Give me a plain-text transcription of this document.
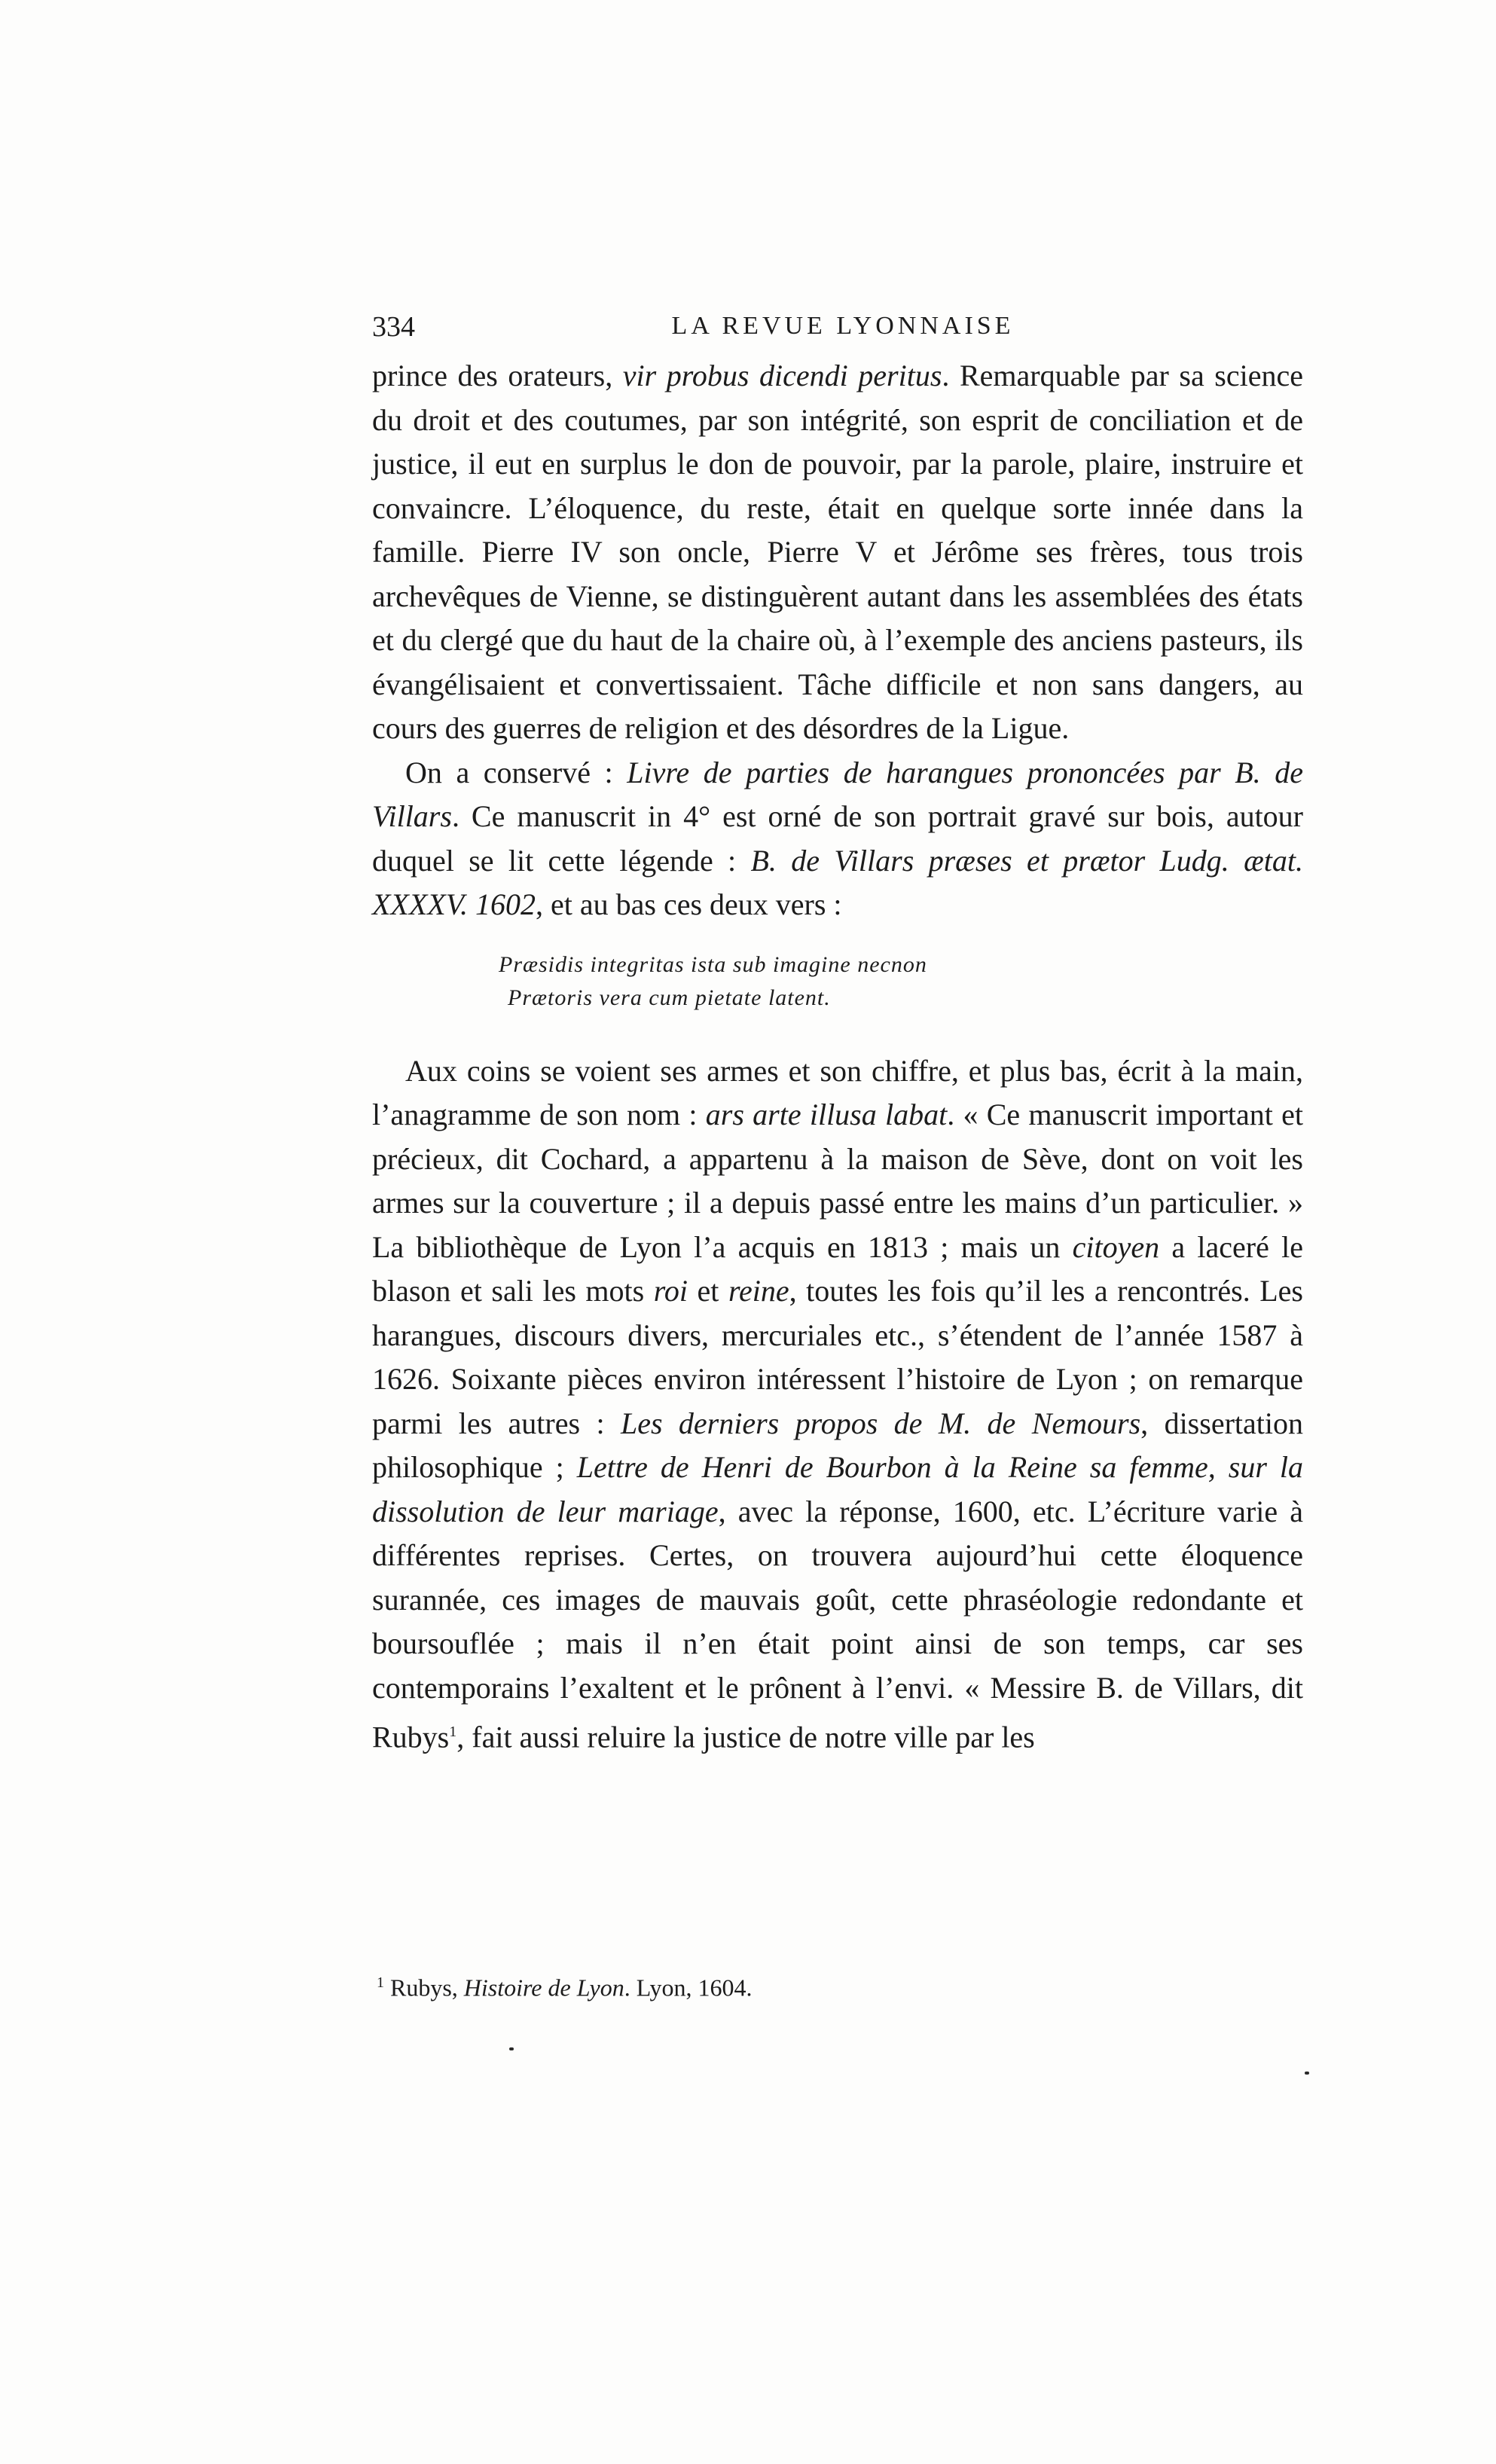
334	LA REVUE LYONNAISE

prince des orateurs, vir probus dicendi peritus. Remarquable par sa science du droit et des coutumes, par son intégrité, son esprit de conciliation et de justice, il eut en surplus le don de pouvoir, par la parole, plaire, instruire et convaincre. L’éloquence, du reste, était en quelque sorte innée dans la famille. Pierre IV son oncle, Pierre V et Jérôme ses frères, tous trois archevêques de Vienne, se distinguèrent autant dans les assemblées des états et du clergé que du haut de la chaire où, à l’exemple des anciens pasteurs, ils évangélisaient et convertissaient. Tâche difficile et non sans dangers, au cours des guerres de religion et des désordres de la Ligue.

On a conservé : Livre de parties de harangues prononcées par B. de Villars. Ce manuscrit in 4° est orné de son portrait gravé sur bois, autour duquel se lit cette légende : B. de Villars præses et prætor Ludg. ætat. XXXXV. 1602, et au bas ces deux vers :

Præsidis integritas ista sub imagine necnon
Prætoris vera cum pietate latent.

Aux coins se voient ses armes et son chiffre, et plus bas, écrit à la main, l’anagramme de son nom : ars arte illusa labat. « Ce manuscrit important et précieux, dit Cochard, a appartenu à la maison de Sève, dont on voit les armes sur la couverture ; il a depuis passé entre les mains d’un particulier. » La bibliothèque de Lyon l’a acquis en 1813 ; mais un citoyen a laceré le blason et sali les mots roi et reine, toutes les fois qu’il les a rencontrés. Les harangues, discours divers, mercuriales etc., s’étendent de l’année 1587 à 1626. Soixante pièces environ intéressent l’histoire de Lyon ; on remarque parmi les autres : Les derniers propos de M. de Nemours, dissertation philosophique ; Lettre de Henri de Bourbon à la Reine sa femme, sur la dissolution de leur mariage, avec la réponse, 1600, etc. L’écriture varie à différentes reprises. Certes, on trouvera aujourd’hui cette éloquence surannée, ces images de mauvais goût, cette phraséologie redondante et boursouflée ; mais il n’en était point ainsi de son temps, car ses contemporains l’exaltent et le prônent à l’envi. « Messire B. de Villars, dit Rubys$^1$, fait aussi reluire la justice de notre ville par les

$^1$ Rubys, Histoire de Lyon. Lyon, 1604.
